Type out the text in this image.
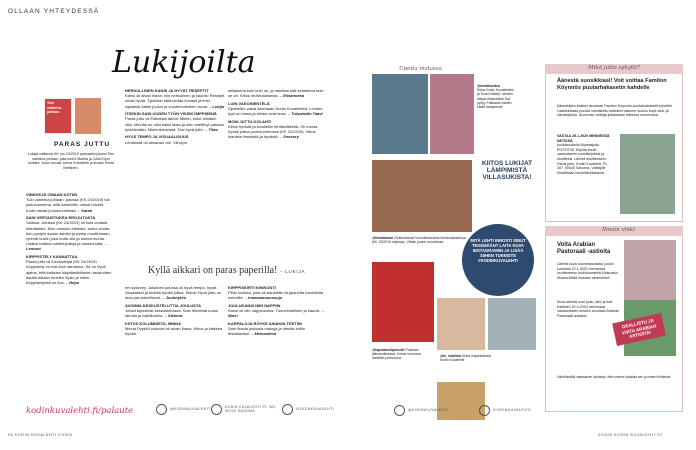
OLLAAN YHTEYDESSÄ
Lukijoilta
Tein valmiina juhlaan
PARAS JUTTU
Lukijat valitsivat KK nro 24/2019 parhaaksi jutuksi Tein valmiina juhlaan, joka kertoi Marika ja Juha Erjon kodista. Jutun kuvasi Jenna Kuivalehti ja kuvasi Krista Nelfanen.

VINKKEJÄ OMAAN KOTIIN
Tulo valmiina juhlaan -jutussa (KK 24/2019) tuli joulutunnelma, sillä hahmotiin oikeat toiveet. Kodit valaisi joulutunnelmaa. – Sarah

SAIN VERTAISTUKEA EROJUTUSTA
Salissa. Jutussa (KK 24/2019) oli kuin omasta elämästäni. Mun varinsin elämäni, tuntui avulta, kun pystyin avaan asioita ja pystyi muuttumaan ryhmät kuviin joka nutta olla ja tuntea muuta. Lisäksi kaikkia luettelujuttuja ja kantavuutta. – Lennart

KIRPPISTELY KANNATTAA
Paras juttu oli Kuvatutkijat (KK 24/2019). Kirppistely on tosi kiva harrastus. Se on hyvä ajatus, että kaikkien käyttämättömien tavaroiden kautta tullaan muiden lupiin ja niihin. Kirppistelyssä on iloa. – Hepu

HERKULLINEN KANSI JA HYVÄT RESEPTIT
Kansi oli aivan ihana, niin herkullinen ja kaunis! Reseptit olivat hyvät. Tykkäsin tällä kertaa kovasti ja ensi sijaisesti kaikki joulun ja vuodenvaihteen ruuat. – Lukija

ITSEKIN SAIN UUDEN TYÖN VISSIKYMPPISENÄ
Paras juttu oli Eläimistä tarina: Mietin, enkö minäkin olisi. Minulla on ollut kaksi lasta ja olen miettinyt paluuta työelämään. Mielenkiintoista. Tosi hyvä juttu. – Tiina

HYVÄ TEMPO JA VISUAALISUUS
Lehdessä oli sitsavani ote. Viihdyin.

sellaisena kuin kuin on, ja nauttian sitä sellaisena kuin se on. Kiitos muistutuksesta. – Elisanneka

LUIN VAKOINENTELÄ
Opettelen vasta lukemaan Kodin Kuvalehteä. Lehden tyyli on ihana ja lehdet ovat kivat. – Tuisartatin Taavi

MONI JUTTU KOLAHTI
Kiitos hyvistä ja sinullekin lehtiiseliteellä. Oli monta hyvää juttua joulunumerossa (KK 24/2019). Kiitos ihanista ihmisistä ja hyvästä. – Sensory

Kyllä aikkari on paras paperilla! – LUKIJA

em kykinmy. Jokainen jutussa oli hyvä tempo, hyvät visuaaliset ja todella hyvää juttua. Kiitos! Hyvä juttu on aina perusteellisesti. – Joulutytön

AVOIMIA KESKUSTELUTTIA JOULUSTA
Juhlat kipinöivät keskusteluissa. Sain lehdestä uusia ideoita ja näkökulmia. – Viktoria

KIITOS KOLUMNISTA, MINNA
Minna Pyykkö kolumni oli aivan ihana. Kiitos ja kaikkea hyvää.

KIRPPISKIRTI KIINNOSTI
Pidin kodista, joka oli sisustettu kirppareilta hankituilla esineillä. – Irmaamansosuuju

JOULUKANSI NIIN NAPPIIN
Kansi oli niin nappiosuma. Tunnelmallinen ja kaunis. – Marri

KARPALOJA RÖYKE AINAKIN TESTIIN
Sain ihania jouluisia makuja ja ideoita kotiin testattaviksi. – Metsasilma

kodinkuvalehti.fi/palaute	@KODINKUVALEHTI	KODIN KUVALEHTI PL 360, 00040 SANOMA	/KODINKUVALEHTI
56 KODIN KUVALEHTI 2/2020
Upeita instassa
@metakortara
Kiitos Kodin Kuvalehden ja Suuri Käsityö -lehden lukijat villasukista! Nyt pysyy Pakkasen lasten kädet lämpiminä!
KIITOS LUKIJAT LÄMPIMISTÄ VILLASUKISTA!
@liimattasari Glutenittomat luumukeksukset kerrasvahaalona (KK 23/2019 ohjeista). Vähän joulun tunnelmaa.	MITÄ LEHTI INNOSTI SINUT TEKEMÄÄN? LAITA KUVA INSTAGRAMIIN JA LISÄÄ SIIHEN TUNNISTE #KODINKUVALEHTI
@lapsiatosiljaonviis Postiaan jälkimmäisessä. Kolme numeroa lueteltiin perheuroa.
@m_marikka Kiitos inspiraatiosta Kodin Kuvalehti!
@KODINKUVALEHTI	/KODINKUVALEHTI
Mikä jutto sykytti?
Äänestä suosikkiasi! Voit voittaa Familon Köynnös puutarhakasetin kahdelle
Äänestäjien kesken arvotaan Familon Köynnös-puutarhakasetti kahdelle. Laatukkaasta puusta valmistettu kaksikerroksinen ruukku sopii sisä- ja ulkokäyttöön. Arvonnan voittaja julkaistaan tuleessa numerossa.
VASTAA 25.1.2020 MENNESSÄ NETISSÄ kodinkuvalehti.fi/parasjuttu POSTITSE Kirjoita kortin vastaukseen suosikkijuttusi ja osoitteesi. Lähetä osoitteeseen Paras juttu, Kodin Kuvalehti, PL 307, 00040 Sanoma. Voittajille ilmoitetaan henkilökohtaisesti.
Ilmain vinki
Voita Arabian Pastoraali -astioita
Lähetä kuva huonekasvistasi joulun kohdalta 22.1.2020 mennessä osoitteeseen kodinkuvalehti.fi/sisustus. Muista liittää mukaan nimimerkki!
Kuva-aiheita ovat joulu, talvi ja koti. Kaikkien 22.4.2020 mennessä vastanneiden kesken arvotaan Arabian Pastoraali-astiasto.
OSALLISTU JA VOITA ARABIAN ASTIOITA!
Lähettämällä vastauksen hyväksyt, että voimme julkaista sen ja nimesi lehdessä.
2/2020 KODIN KUVALEHTI 57
